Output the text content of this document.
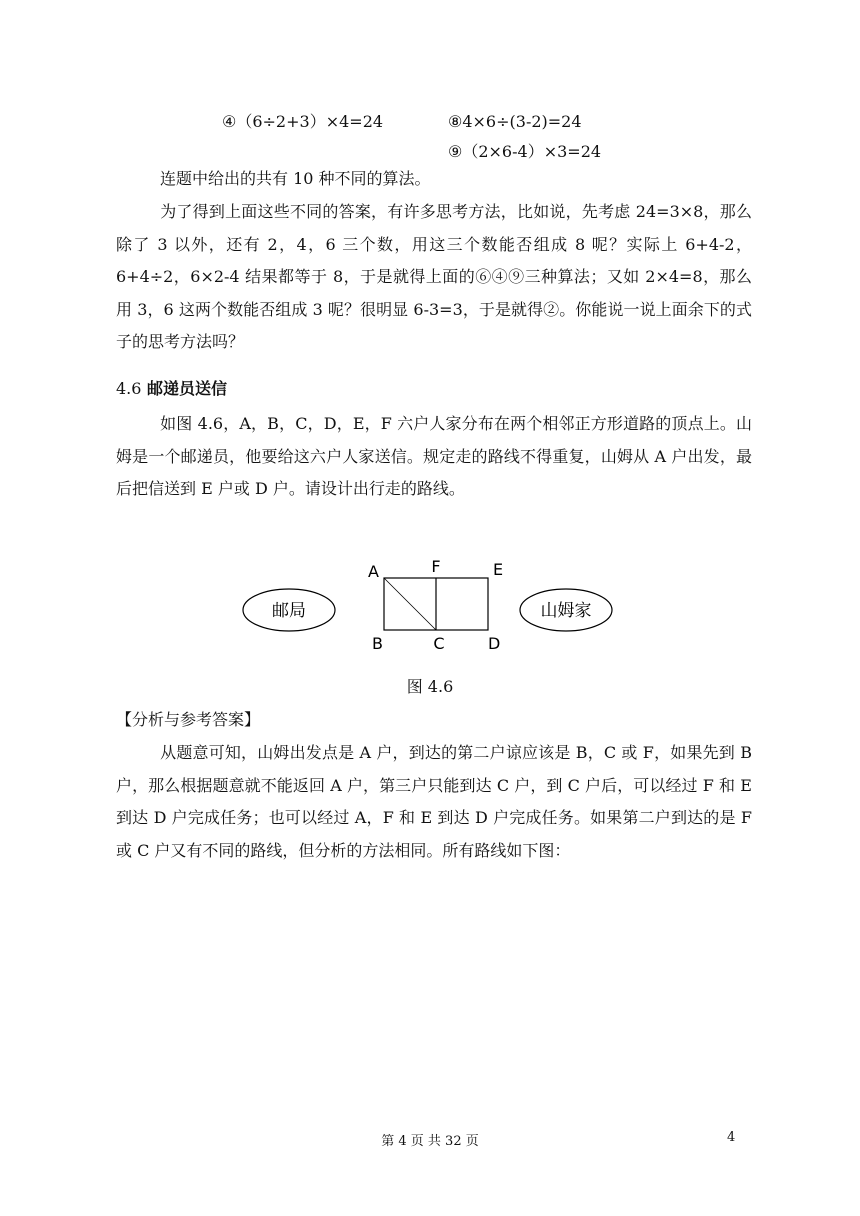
④（6÷2+3）×4=24	⑧4×6÷(3-2)=24
⑨（2×6-4）×3=24
连题中给出的共有 10 种不同的算法。
为了得到上面这些不同的答案，有许多思考方法，比如说，先考虑 24=3×8，那么除了 3 以外，还有 2，4，6 三个数，用这三个数能否组成 8 呢？实际上 6+4-2，6+4÷2，6×2-4 结果都等于 8，于是就得上面的⑥④⑨三种算法；又如 2×4=8，那么用 3，6 这两个数能否组成 3 呢？很明显 6-3=3，于是就得②。你能说一说上面余下的式子的思考方法吗？
4.6 邮递员送信
如图 4.6，A，B，C，D，E，F 六户人家分布在两个相邻正方形道路的顶点上。山姆是一个邮递员，他要给这六户人家送信。规定走的路线不得重复，山姆从 A 户出发，最后把信送到 E 户或 D 户。请设计出行走的路线。
邮局
A	F	E
B	C	D
山姆家
图 4.6
【分析与参考答案】
从题意可知，山姆出发点是 A 户，到达的第二户谅应该是 B，C 或 F，如果先到 B 户，那么根据题意就不能返回 A 户，第三户只能到达 C 户，到 C 户后，可以经过 F 和 E 到达 D 户完成任务；也可以经过 A，F 和 E 到达 D 户完成任务。如果第二户到达的是 F 或 C 户又有不同的路线，但分析的方法相同。所有路线如下图：
第 4 页 共 32 页	4
